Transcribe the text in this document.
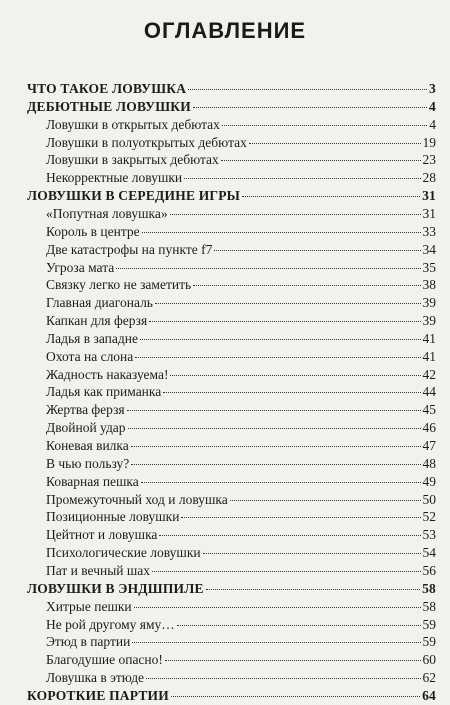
ОГЛАВЛЕНИЕ
ЧТО ТАКОЕ ЛОВУШКА	3
ДЕБЮТНЫЕ ЛОВУШКИ	4
Ловушки в открытых дебютах	4
Ловушки в полуоткрытых дебютах	19
Ловушки в закрытых дебютах	23
Некорректные ловушки	28
ЛОВУШКИ В СЕРЕДИНЕ ИГРЫ	31
«Попутная ловушка»	31
Король в центре	33
Две катастрофы на пункте f7	34
Угроза мата	35
Связку легко не заметить	38
Главная диагональ	39
Капкан для ферзя	39
Ладья в западне	41
Охота на слона	41
Жадность наказуема!	42
Ладья как приманка	44
Жертва ферзя	45
Двойной удар	46
Коневая вилка	47
В чью пользу?	48
Коварная пешка	49
Промежуточный ход и ловушка	50
Позиционные ловушки	52
Цейтнот и ловушка	53
Психологические ловушки	54
Пат и вечный шах	56
ЛОВУШКИ В ЭНДШПИЛЕ	58
Хитрые пешки	58
Не рой другому яму…	59
Этюд в партии	59
Благодушие опасно!	60
Ловушка в этюде	62
КОРОТКИЕ ПАРТИИ	64
